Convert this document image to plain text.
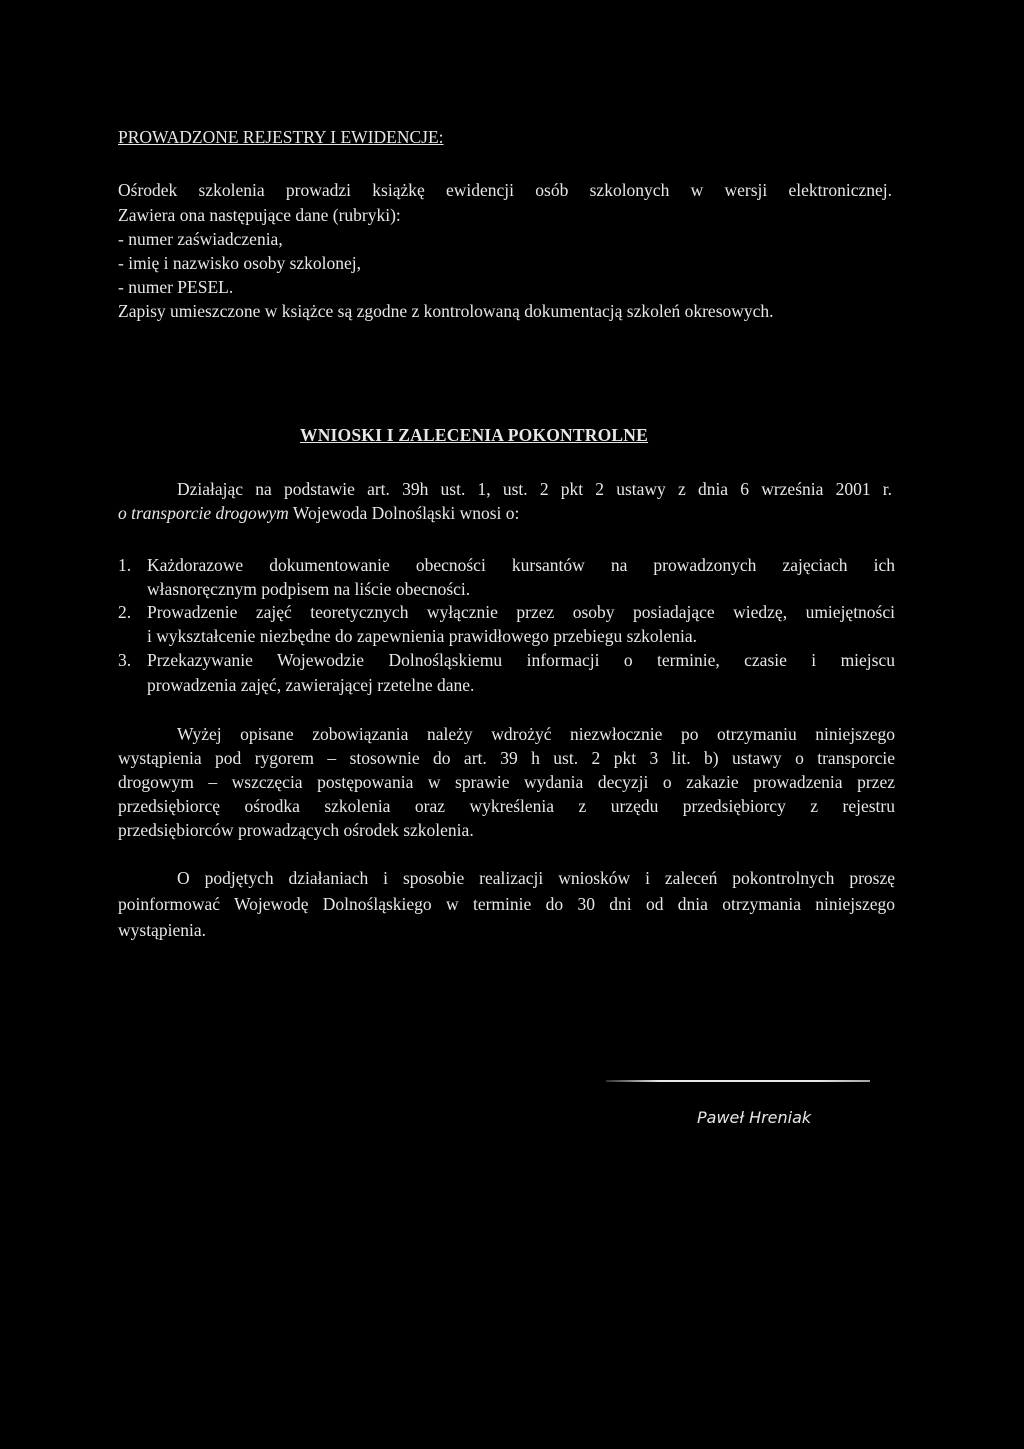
PROWADZONE REJESTRY I EWIDENCJE:
Ośrodek szkolenia prowadzi książkę ewidencji osób szkolonych w wersji elektronicznej.
Zawiera ona następujące dane (rubryki):
- numer zaświadczenia,
- imię i nazwisko osoby szkolonej,
- numer PESEL.
Zapisy umieszczone w książce są zgodne z kontrolowaną dokumentacją szkoleń okresowych.
WNIOSKI I ZALECENIA POKONTROLNE
Działając na podstawie art. 39h ust. 1, ust. 2 pkt 2 ustawy z dnia 6 września 2001 r.
o transporcie drogowym Wojewoda Dolnośląski wnosi o:
1. Każdorazowe dokumentowanie obecności kursantów na prowadzonych zajęciach ich
własnoręcznym podpisem na liście obecności.
2. Prowadzenie zajęć teoretycznych wyłącznie przez osoby posiadające wiedzę, umiejętności
i wykształcenie niezbędne do zapewnienia prawidłowego przebiegu szkolenia.
3. Przekazywanie Wojewodzie Dolnośląskiemu informacji o terminie, czasie i miejscu
prowadzenia zajęć, zawierającej rzetelne dane.
Wyżej opisane zobowiązania należy wdrożyć niezwłocznie po otrzymaniu niniejszego
wystąpienia pod rygorem – stosownie do art. 39 h ust. 2 pkt 3 lit. b) ustawy o transporcie
drogowym – wszczęcia postępowania w sprawie wydania decyzji o zakazie prowadzenia przez
przedsiębiorcę ośrodka szkolenia oraz wykreślenia z urzędu przedsiębiorcy z rejestru
przedsiębiorców prowadzących ośrodek szkolenia.
O podjętych działaniach i sposobie realizacji wniosków i zaleceń pokontrolnych proszę
poinformować Wojewodę Dolnośląskiego w terminie do 30 dni od dnia otrzymania niniejszego
wystąpienia.
Paweł Hreniak
